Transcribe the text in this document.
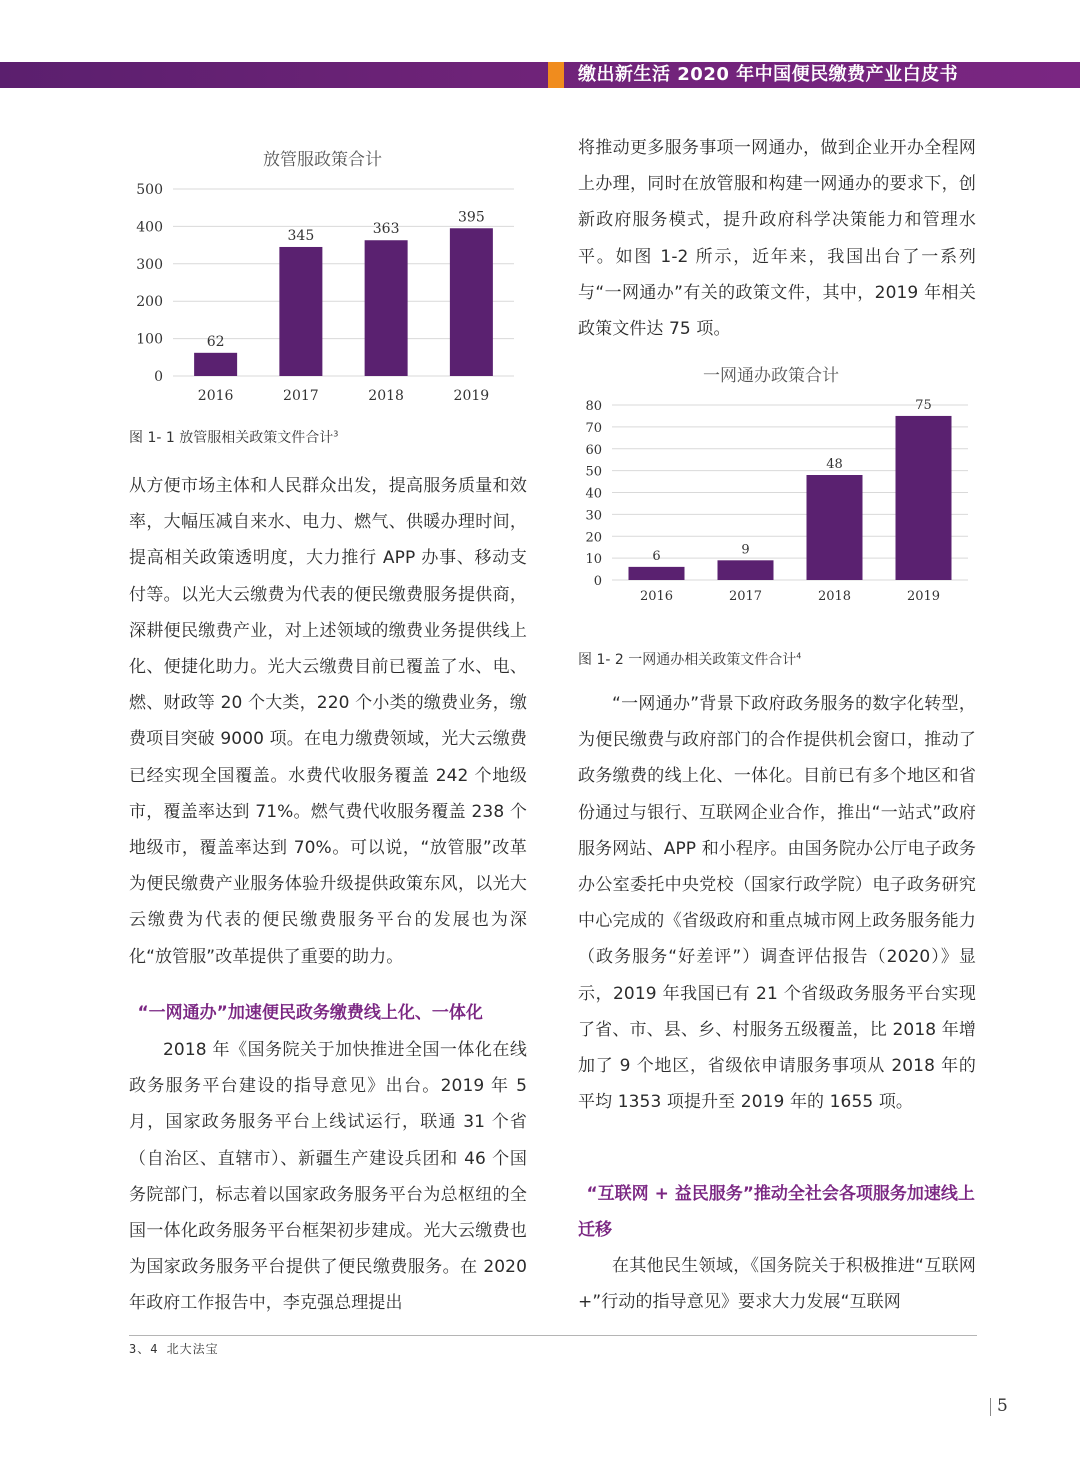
缴出新生活 2020 年中国便民缴费产业白皮书
放管服政策合计
0
100
200
300
400
500
62
2016
345
2017
363
2018
395
2019
图 1- 1 放管服相关政策文件合计$^3$

从方便市场主体和人民群众出发，提高服务质量和效率，大幅压减自来水、电力、燃气、供暖办理时间，提高相关政策透明度，大力推行 APP 办事、移动支付等。以光大云缴费为代表的便民缴费服务提供商，深耕便民缴费产业，对上述领域的缴费业务提供线上化、便捷化助力。光大云缴费目前已覆盖了水、电、燃、财政等 20 个大类，220 个小类的缴费业务，缴费项目突破 9000 项。在电力缴费领域，光大云缴费已经实现全国覆盖。水费代收服务覆盖 242 个地级市，覆盖率达到 71%。燃气费代收服务覆盖 238 个地级市，覆盖率达到 70%。可以说，“放管服”改革为便民缴费产业服务体验升级提供政策东风，以光大云缴费为代表的便民缴费服务平台的发展也为深化“放管服”改革提供了重要的助力。

“一网通办”加速便民政务缴费线上化、一体化

2018 年《国务院关于加快推进全国一体化在线政务服务平台建设的指导意见》出台。2019 年 5 月，国家政务服务平台上线试运行，联通 31 个省（自治区、直辖市）、新疆生产建设兵团和 46 个国务院部门，标志着以国家政务服务平台为总枢纽的全国一体化政务服务平台框架初步建成。光大云缴费也为国家政务服务平台提供了便民缴费服务。在 2020 年政府工作报告中，李克强总理提出

将推动更多服务事项一网通办，做到企业开办全程网上办理，同时在放管服和构建一网通办的要求下，创新政府服务模式，提升政府科学决策能力和管理水平。如图 1-2 所示，近年来，我国出台了一系列与“一网通办”有关的政策文件，其中，2019 年相关政策文件达 75 项。

一网通办政策合计
0
10
20
30
40
50
60
70
80
6
2016
9
2017
48
2018
75
2019
图 1- 2 一网通办相关政策文件合计$^4$

“一网通办”背景下政府政务服务的数字化转型，为便民缴费与政府部门的合作提供机会窗口，推动了政务缴费的线上化、一体化。目前已有多个地区和省份通过与银行、互联网企业合作，推出“一站式”政府服务网站、APP 和小程序。由国务院办公厅电子政务办公室委托中央党校（国家行政学院）电子政务研究中心完成的《省级政府和重点城市网上政务服务能力（政务服务“好差评”）调查评估报告（2020）》显示，2019 年我国已有 21 个省级政务服务平台实现了省、市、县、乡、村服务五级覆盖，比 2018 年增加了 9 个地区，省级依申请服务事项从 2018 年的平均 1353 项提升至 2019 年的 1655 项。

“互联网 + 益民服务”推动全社会各项服务加速线上迁移

在其他民生领域，《国务院关于积极推进“互联网 +”行动的指导意见》要求大力发展“互联网

3、4 北大法宝
5
